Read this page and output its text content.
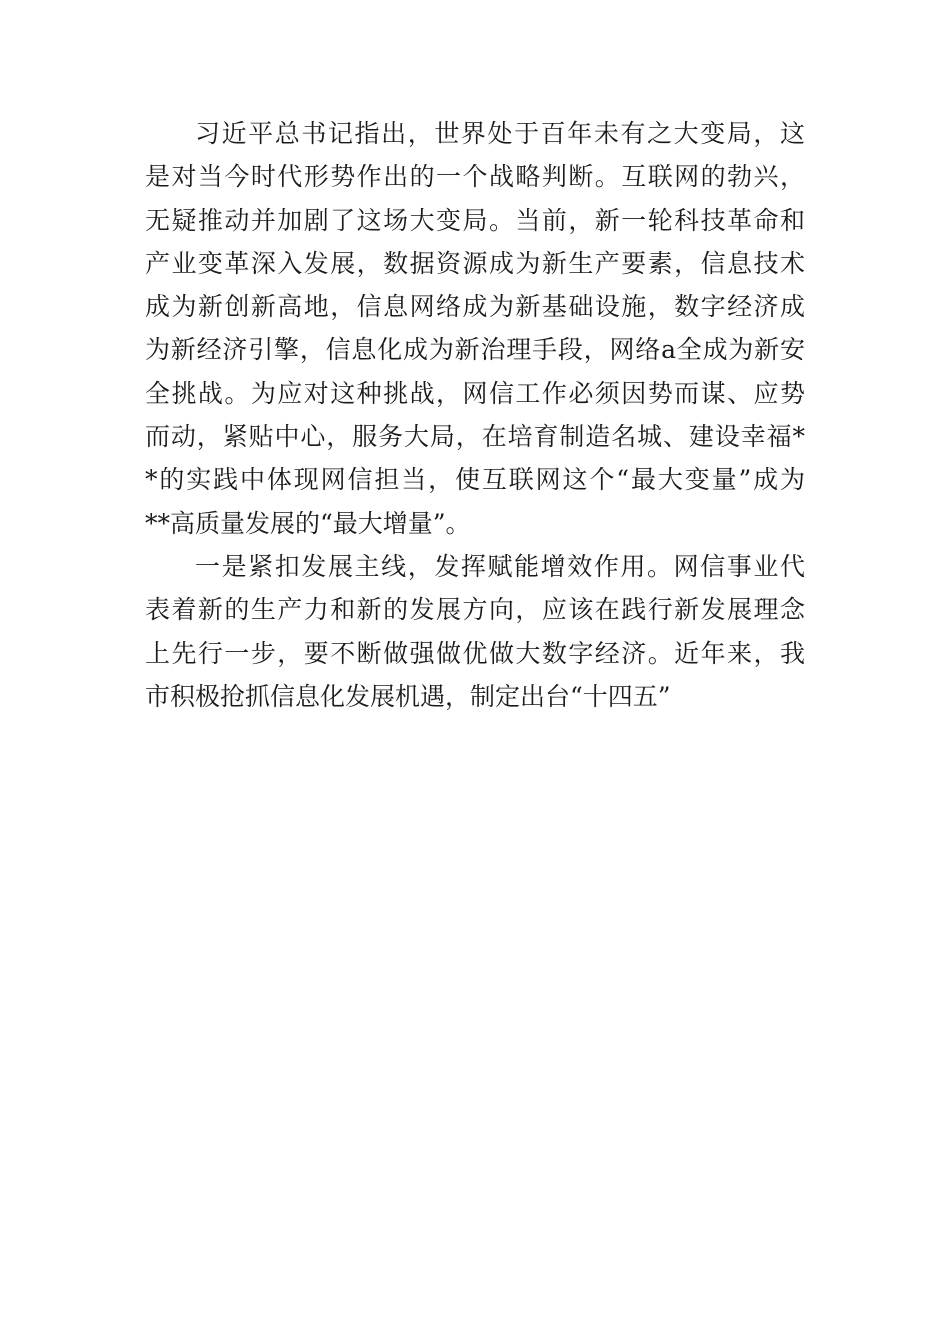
习近平总书记指出，世界处于百年未有之大变局，这
是对当今时代形势作出的一个战略判断。互联网的勃兴，
无疑推动并加剧了这场大变局。当前，新一轮科技革命和
产业变革深入发展，数据资源成为新生产要素，信息技术
成为新创新高地，信息网络成为新基础设施，数字经济成
为新经济引擎，信息化成为新治理手段，网络a全成为新安
全挑战。为应对这种挑战，网信工作必须因势而谋、应势
而动，紧贴中心，服务大局，在培育制造名城、建设幸福*
*的实践中体现网信担当，使互联网这个“最大变量”成为
**高质量发展的“最大增量”。
一是紧扣发展主线，发挥赋能增效作用。网信事业代
表着新的生产力和新的发展方向，应该在践行新发展理念
上先行一步，要不断做强做优做大数字经济。近年来，我
市积极抢抓信息化发展机遇，制定出台“十四五”
